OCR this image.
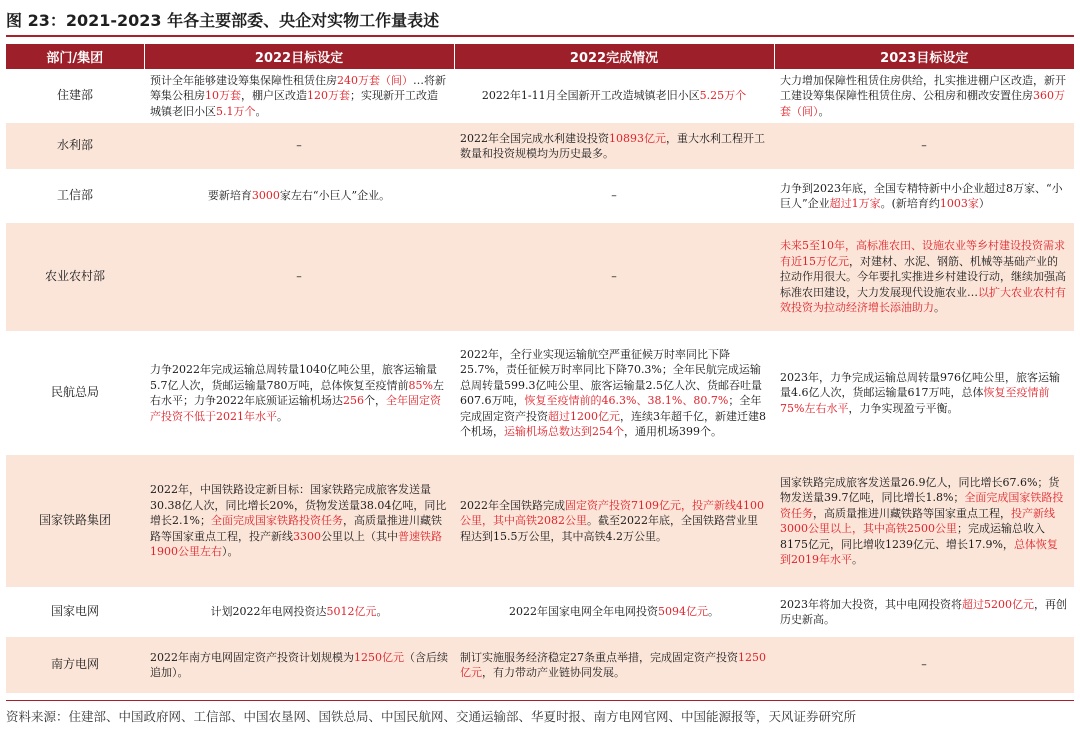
图 23：2021-2023 年各主要部委、央企对实物工作量表述
部门/集团	2022目标设定	2022完成情况	2023目标设定
住建部	预计全年能够建设筹集保障性租赁住房240万套（间）…将新筹集公租房10万套，棚户区改造120万套；实现新开工改造城镇老旧小区5.1万个。	2022年1-11月全国新开工改造城镇老旧小区5.25万个	大力增加保障性租赁住房供给，扎实推进棚户区改造，新开工建设筹集保障性租赁住房、公租房和棚改安置住房360万套（间）。
水利部	–	2022年全国完成水利建设投资10893亿元，重大水利工程开工数量和投资规模均为历史最多。	–
工信部	要新培育3000家左右“小巨人”企业。	–	力争到2023年底，全国专精特新中小企业超过8万家、“小巨人”企业超过1万家。(新培育约1003家）
农业农村部	–	–	未来5至10年，高标准农田、设施农业等乡村建设投资需求有近15万亿元，对建材、水泥、钢筋、机械等基础产业的拉动作用很大。今年要扎实推进乡村建设行动，继续加强高标准农田建设，大力发展现代设施农业…以扩大农业农村有效投资为拉动经济增长添油助力。
民航总局	力争2022年完成运输总周转量1040亿吨公里，旅客运输量5.7亿人次，货邮运输量780万吨，总体恢复至疫情前85%左右水平；力争2022年底颁证运输机场达256个，全年固定资产投资不低于2021年水平。	2022年，全行业实现运输航空严重征候万时率同比下降25.7%，责任征候万时率同比下降70.3%；全年民航完成运输总周转量599.3亿吨公里、旅客运输量2.5亿人次、货邮吞吐量607.6万吨，恢复至疫情前的46.3%、38.1%、80.7%；全年完成固定资产投资超过1200亿元，连续3年超千亿，新建迁建8个机场，运输机场总数达到254个，通用机场399个。	2023年，力争完成运输总周转量976亿吨公里，旅客运输量4.6亿人次，货邮运输量617万吨，总体恢复至疫情前75%左右水平，力争实现盈亏平衡。
国家铁路集团	2022年，中国铁路设定新目标：国家铁路完成旅客发送量30.38亿人次，同比增长20%，货物发送量38.04亿吨，同比增长2.1%；全面完成国家铁路投资任务，高质量推进川藏铁路等国家重点工程，投产新线3300公里以上（其中普速铁路1900公里左右）。	2022年全国铁路完成固定资产投资7109亿元，投产新线4100公里，其中高铁2082公里。截至2022年底，全国铁路营业里程达到15.5万公里，其中高铁4.2万公里。	国家铁路完成旅客发送量26.9亿人，同比增长67.6%；货物发送量39.7亿吨，同比增长1.8%；全面完成国家铁路投资任务，高质量推进川藏铁路等国家重点工程，投产新线3000公里以上，其中高铁2500公里；完成运输总收入8175亿元，同比增收1239亿元、增长17.9%，总体恢复到2019年水平。
国家电网	计划2022年电网投资达5012亿元。	2022年国家电网全年电网投资5094亿元。	2023年将加大投资，其中电网投资将超过5200亿元，再创历史新高。
南方电网	2022年南方电网固定资产投资计划规模为1250亿元（含后续追加）。	制订实施服务经济稳定27条重点举措，完成固定资产投资1250亿元，有力带动产业链协同发展。	–
资料来源：住建部、中国政府网、工信部、中国农垦网、国铁总局、中国民航网、交通运输部、华夏时报、南方电网官网、中国能源报等，天风证券研究所
